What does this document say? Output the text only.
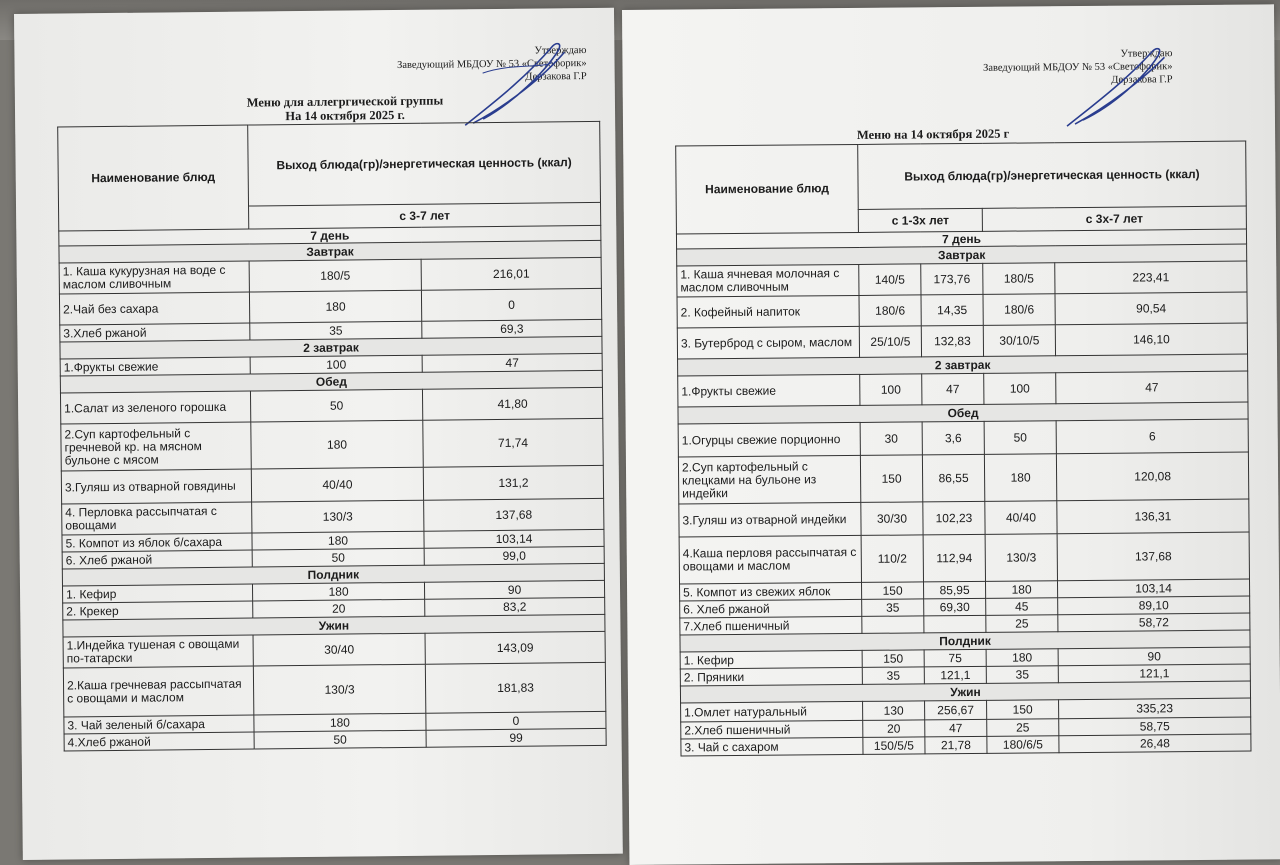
Утверждаю
Заведующий МБДОУ № 53 «Светофорик»
Дерзакова Г.Р
Меню для аллегргической группы
На 14 октября 2025 г.
Наименование блюд	Выход блюда(гр)/энергетическая ценность (ккал)	
	с 3-7 лет	
7 день		
Завтрак		
1. Каша кукурузная на воде с маслом сливочным	180/5	216,01
2.Чай без сахара	180	0
3.Хлеб ржаной	35	69,3
2 завтрак		
1.Фрукты свежие	100	47
Обед		
1.Салат из зеленого горошка	50	41,80
2.Суп картофельный с гречневой кр. на мясном бульоне с мясом	180	71,74
3.Гуляш из отварной говядины	40/40	131,2
4. Перловка рассыпчатая с овощами	130/3	137,68
5. Компот из яблок б/сахара	180	103,14
6. Хлеб ржаной	50	99,0
Полдник		
1. Кефир	180	90
2. Крекер	20	83,2
Ужин		
1.Индейка тушеная с овощами по-татарски	30/40	143,09
2.Каша гречневая рассыпчатая с овощами и маслом	130/3	181,83
3. Чай зеленый б/сахара	180	0
4.Хлеб ржаной	50	99
Утверждаю
Заведующий МБДОУ № 53 «Светофорик»
Дерзакова Г.Р
Меню на 14 октября 2025 г
Наименование блюд	Выход блюда(гр)/энергетическая ценность (ккал)			
	с 1-3х лет		с 3х-7 лет	
7 день				
Завтрак				
1. Каша ячневая молочная с маслом сливочным	140/5	173,76	180/5	223,41
2. Кофейный напиток	180/6	14,35	180/6	90,54
3. Бутерброд с сыром, маслом	25/10/5	132,83	30/10/5	146,10
2 завтрак				
1.Фрукты свежие	100	47	100	47
Обед				
1.Огурцы свежие порционно	30	3,6	50	6
2.Суп картофельный с клецками на бульоне из индейки	150	86,55	180	120,08
3.Гуляш из отварной индейки	30/30	102,23	40/40	136,31
4.Каша перловя рассыпчатая с овощами и маслом	110/2	112,94	130/3	137,68
5. Компот из свежих яблок	150	85,95	180	103,14
6. Хлеб ржаной	35	69,30	45	89,10
7.Хлеб пшеничный			25	58,72
Полдник				
1. Кефир	150	75	180	90
2. Пряники	35	121,1	35	121,1
Ужин				
1.Омлет натуральный	130	256,67	150	335,23
2.Хлеб пшеничный	20	47	25	58,75
3. Чай с сахаром	150/5/5	21,78	180/6/5	26,48
